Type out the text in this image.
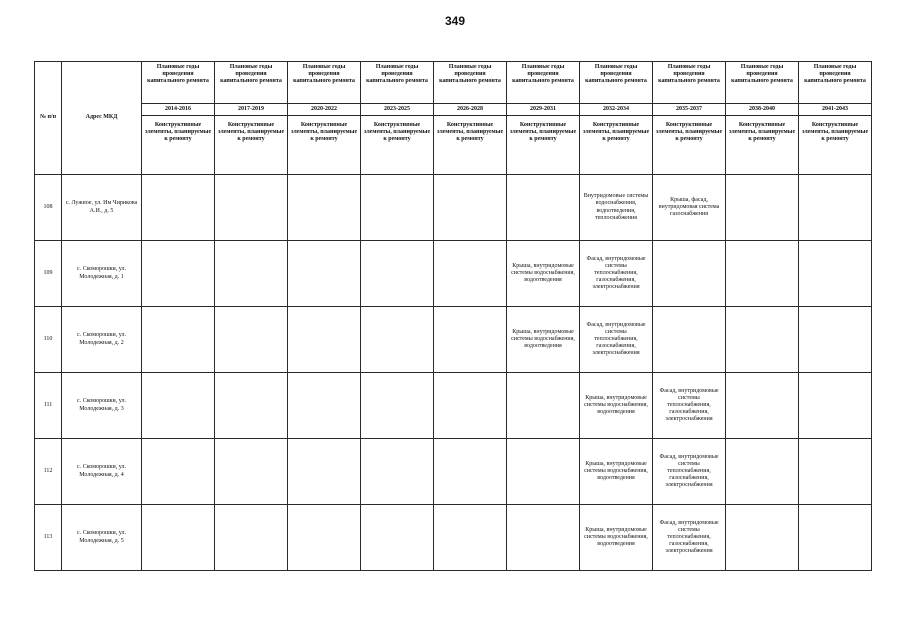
349
№ п/п	Адрес МКД	Плановые годы проведения капитального ремонта	Плановые годы проведения капитального ремонта	Плановые годы проведения капитального ремонта	Плановые годы проведения капитального ремонта	Плановые годы проведения капитального ремонта	Плановые годы проведения капитального ремонта	Плановые годы проведения капитального ремонта	Плановые годы проведения капитального ремонта	Плановые годы проведения капитального ремонта	Плановые годы проведения капитального ремонта
		2014-2016	2017-2019	2020-2022	2023-2025	2026-2028	2029-2031	2032-2034	2035-2037	2038-2040	2041-2043
		Конструктивные элементы, планируемые к ремонту	Конструктивные элементы, планируемые к ремонту	Конструктивные элементы, планируемые к ремонту	Конструктивные элементы, планируемые к ремонту	Конструктивные элементы, планируемые к ремонту	Конструктивные элементы, планируемые к ремонту	Конструктивные элементы, планируемые к ремонту	Конструктивные элементы, планируемые к ремонту	Конструктивные элементы, планируемые к ремонту	Конструктивные элементы, планируемые к ремонту
108	с. Лужное, ул. Им Чирикова А.И., д. 5							Внутридомовые системы водоснабжения, водоотведения, теплоснабжения	Крыша, фасад, внутридомовая система газоснабжения		
109	с. Скоморошки, ул. Молодежная, д. 1						Крыша, внутридомовые системы водоснабжения, водоотведения	Фасад, внутридомовые системы теплоснабжения, газоснабжения, электроснабжения			
110	с. Скоморошки, ул. Молодежная, д. 2						Крыша, внутридомовые системы водоснабжения, водоотведения	Фасад, внутридомовые системы теплоснабжения, газоснабжения, электроснабжения			
111	с. Скоморошки, ул. Молодежная, д. 3							Крыша, внутридомовые системы водоснабжения, водоотведения	Фасад, внутридомовые системы теплоснабжения, газоснабжения, электроснабжения		
112	с. Скоморошки, ул. Молодежная, д. 4							Крыша, внутридомовые системы водоснабжения, водоотведения	Фасад, внутридомовые системы теплоснабжения, газоснабжения, электроснабжения		
113	с. Скоморошки, ул. Молодежная, д. 5							Крыша, внутридомовые системы водоснабжения, водоотведения	Фасад, внутридомовые системы теплоснабжения, газоснабжения, электроснабжения		
